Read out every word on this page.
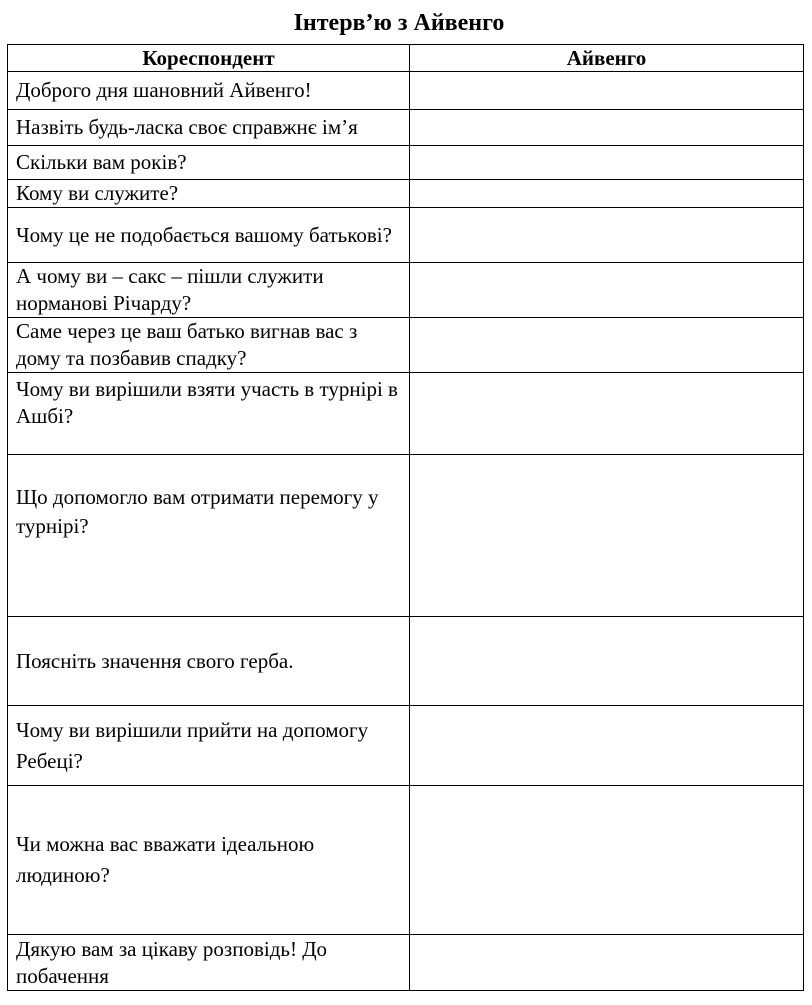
Інтерв’ю з Айвенго
Кореспондент	Айвенго
Доброго дня шановний Айвенго!	
Назвіть будь-ласка своє справжнє ім’я	
Скільки вам років?	
Кому ви служите?	
Чому це не подобається вашому батькові?	
А чому ви – сакс – пішли служити норманові Річарду?	
Саме через це ваш батько вигнав вас з дому та позбавив спадку?	
Чому ви вирішили взяти участь в турнірі в Ашбі?	
Що допомогло вам отримати перемогу у турнірі?	
Поясніть значення свого герба.	
Чому ви вирішили прийти на допомогу Ребеці?	
Чи можна вас вважати ідеальною людиною?	
Дякую вам за цікаву розповідь! До побачення	
